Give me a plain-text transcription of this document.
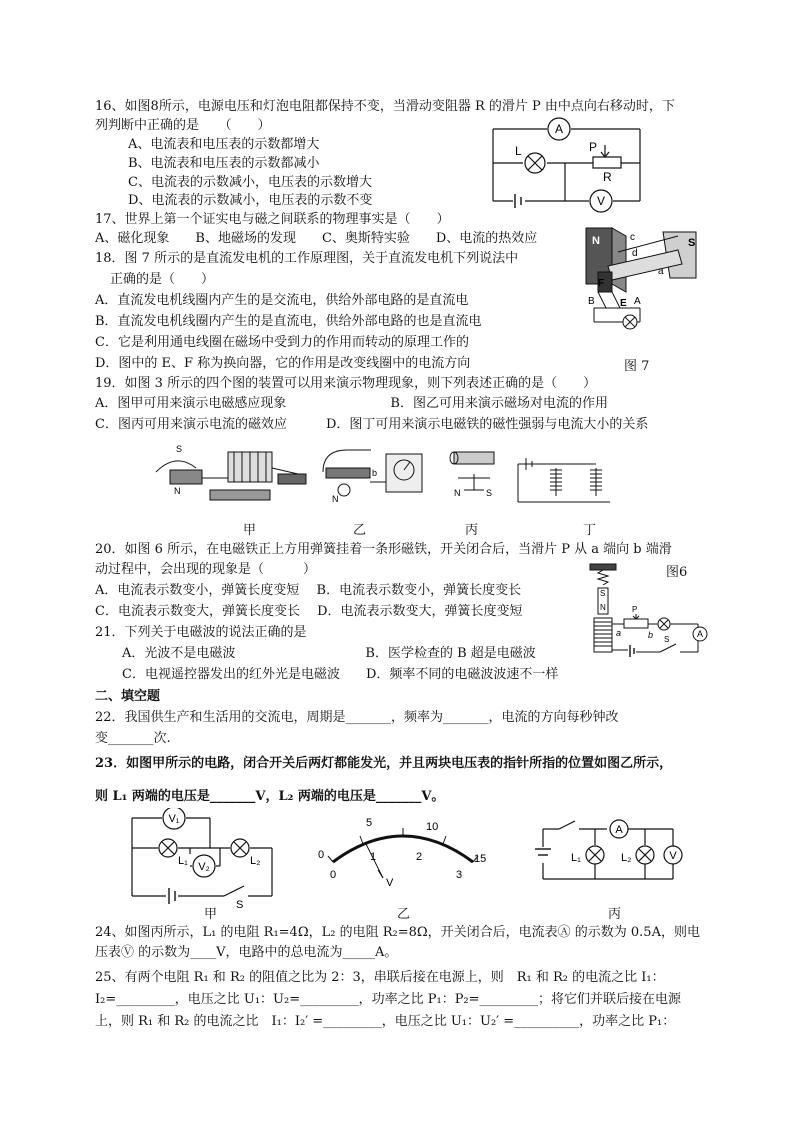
16、如图8所示，电源电压和灯泡电阻都保持不变，当滑动变阻器 R 的滑片 P 由中点向右移动时，下
列判断中正确的是　　（　　）
A、电流表和电压表的示数都增大
B、电流表和电压表的示数都减小
C、电流表的示数减小，电压表的示数增大
D、电流表的示数减小，电压表的示数不变
A
V
L	P
R
17、世界上第一个证实电与磁之间联系的物理事实是（　　）
A、磁化现象　　B、地磁场的发现　　C、奥斯特实验　　D、电流的热效应
18．图 7 所示的是直流发电机的工作原理图，关于直流发电机下列说法中
正确的是（　　）
A．直流发电机线圈内产生的是交流电，供给外部电路的是直流电
B．直流发电机线圈内产生的是直流电，供给外部电路的也是直流电
C．它是利用通电线圈在磁场中受到力的作用而转动的原理工作的
D．图中的 E、F 称为换向器，它的作用是改变线圈中的电流方向	图 7
N	S
c
d
a
F
E
B	A
19．如图 3 所示的四个图的装置可以用来演示物理现象，则下列表述正确的是（　　）
A．图甲可用来演示电磁感应现象　　　　　　　　B．图乙可用来演示磁场对电流的作用
C．图丙可用来演示电流的磁效应　　　D．图丁可用来演示电磁铁的磁性强弱与电流大小的关系
S
N
N
b
N	S
甲	乙	丙	丁
20．如图 6 所示，在电磁铁正上方用弹簧挂着一条形磁铁，开关闭合后，当滑片 P 从 a 端向 b 端滑
动过程中，会出现的现象是（　　　）
A．电流表示数变小，弹簧长度变短　 B．电流表示数变小，弹簧长度变长
C．电流表示数变大，弹簧长度变长　 D．电流表示数变大，弹簧长度变短
S
N	P
a	b S
A
图6
21．下列关于电磁波的说法正确的是
A．光波不是电磁波　　　　　　　　　　B．医学检查的 B 超是电磁波
C．电视遥控器发出的红外光是电磁波　　D．频率不同的电磁波波速不一样
二、填空题
22．我国供生产和生活用的交流电，周期是_______，频率为_______，电流的方向每秒钟改
变_______次.
23．如图甲所示的电路，闭合开关后两灯都能发光，并且两块电压表的指针所指的位置如图乙所示，
则 L₁ 两端的电压是_______V，L₂ 两端的电压是_______V。
V₁
V₂
L₁	L₂
S
甲
0
5	10
15
0
1	2
3
V
乙
A
V
L₁	L₂
丙
24、如图丙所示，L₁ 的电阻 R₁=4Ω，L₂ 的电阻 R₂=8Ω，开关闭合后，电流表Ⓐ 的示数为 0.5A，则电
压表Ⓥ 的示数为____V，电路中的总电流为_____A。
25、有两个电阻 R₁ 和 R₂ 的阻值之比为 2：3，串联后接在电源上，则　R₁ 和 R₂ 的电流之比 I₁：
I₂=_________，电压之比 U₁：U₂=_________，功率之比 P₁：P₂=_________；将它们并联后接在电源
上，则 R₁ 和 R₂ 的电流之比　I₁：I₂′ =_________，电压之比 U₁：U₂′ =__________，功率之比 P₁：
